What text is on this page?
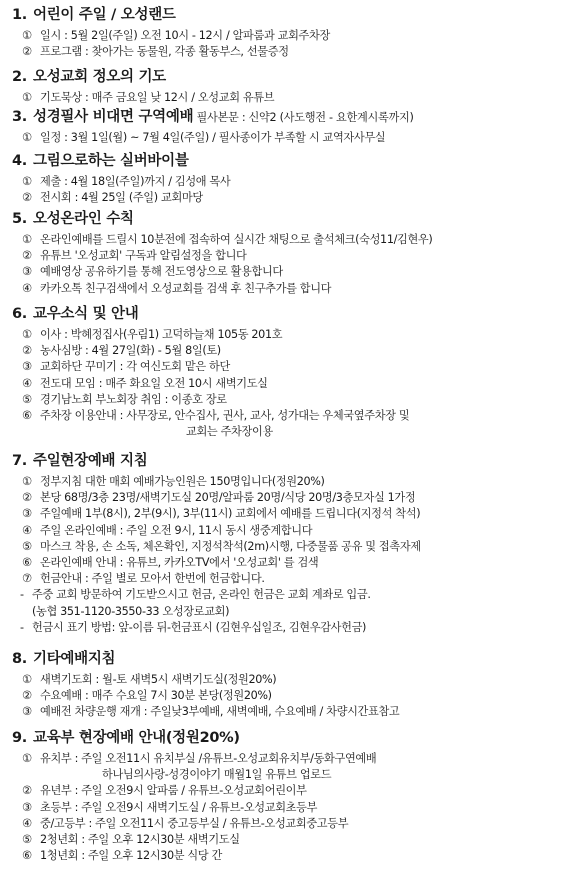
1. 어린이 주일 / 오성랜드
① 일시 : 5월 2일(주일) 오전 10시 - 12시 / 알파룸과 교회주차장
② 프로그램 : 찾아가는 동물원, 각종 활동부스, 선물증정
2. 오성교회 정오의 기도
① 기도묵상 : 매주 금요일 낮 12시 / 오성교회 유튜브
3. 성경필사 비대면 구역예배 필사본문 : 신약2 (사도행전 - 요한계시록까지)
① 일정 : 3월 1일(월) ~ 7월 4일(주일) / 필사종이가 부족할 시 교역자사무실
4. 그림으로하는 실버바이블
① 제출 : 4월 18일(주일)까지 / 김성애 목사
② 전시회 : 4월 25일 (주일) 교회마당
5. 오성온라인 수칙
① 온라인예배를 드릴시 10분전에 접속하여 실시간 채팅으로 출석체크(숙성11/김현우)
② 유튜브 '오성교회' 구독과 알림설정을 합니다
③ 예배영상 공유하기를 통해 전도영상으로 활용합니다
④ 카카오톡 친구검색에서 오성교회를 검색 후 친구추가를 합니다
6. 교우소식 및 안내
① 이사 : 박혜정집사(우림1) 고덕하늘채 105동 201호
② 농사심방 : 4월 27일(화) - 5월 8일(토)
③ 교회하단 꾸미기 : 각 여신도회 맡은 하단
④ 전도대 모임 : 매주 화요일 오전 10시 새벽기도실
⑤ 경기남노회 부노회장 취임 : 이종호 장로
⑥ 주차장 이용안내 : 사무장로, 안수집사, 권사, 교사, 성가대는 우체국옆주차장 및
교회는 주차장이용
7. 주일현장예배 지침
① 정부지침 대한 매회 예배가능인원은 150명입니다(정원20%)
② 본당 68명/3층 23명/새벽기도실 20명/알파룸 20명/식당 20명/3층모자실 1가정
③ 주일예배 1부(8시), 2부(9시), 3부(11시) 교회에서 예배를 드립니다(지정석 착석)
④ 주일 온라인예배 : 주일 오전 9시, 11시 동시 생중계합니다
⑤ 마스크 착용, 손 소독, 체온확인, 지정석착석(2m)시행, 다중물품 공유 및 접촉자제
⑥ 온라인예배 안내 : 유튜브, 카카오TV에서 '오성교회' 를 검색
⑦ 헌금안내 : 주일 별로 모아서 한번에 헌금합니다.
- 주중 교회 방문하여 기도받으시고 헌금, 온라인 헌금은 교회 계좌로 입금.
(농협 351-1120-3550-33 오성장로교회)
- 헌금시 표기 방법: 앞-이름 뒤-헌금표시 (김현우십일조, 김현우감사헌금)
8. 기타예배지침
① 새벽기도회 : 월-토 새벽5시 새벽기도실(정원20%)
② 수요예배 : 매주 수요일 7시 30분 본당(정원20%)
③ 예배전 차량운행 재개 : 주일낮3부예배, 새벽예배, 수요예배 / 차량시간표참고
9. 교육부 현장예배 안내(정원20%)
① 유치부 : 주일 오전11시 유치부실 /유튜브-오성교회유치부/동화구연예배
하나님의사랑-성경이야기 매월1일 유튜브 업로드
② 유년부 : 주일 오전9시 알파룸 / 유튜브-오성교회어린이부
③ 초등부 : 주일 오전9시 새벽기도실 / 유튜브-오성교회초등부
④ 중/고등부 : 주일 오전11시 중고등부실 / 유튜브-오성교회중고등부
⑤ 2청년회 : 주일 오후 12시30분 새벽기도실
⑥ 1청년회 : 주일 오후 12시30분 식당 간
